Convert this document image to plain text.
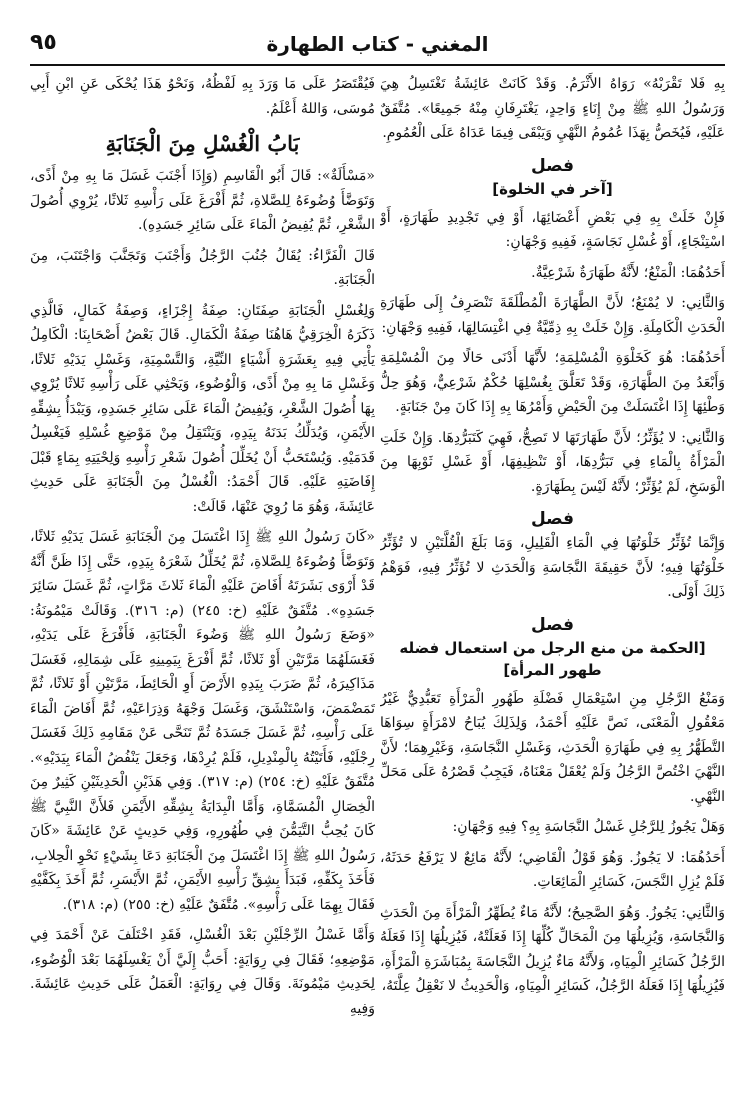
المغني - كتاب الطهارة
٩٥

بِهِ فَلا تَقْرَبْهُ» رَوَاهُ الأَثْرَمُ. وَقَدْ كَانَتْ عَائِشَةُ تَغْتَسِلُ هِيَ وَرَسُولُ اللهِ ﷺ مِنْ إِنَاءٍ وَاحِدٍ، يَغْتَرِفَانِ مِنْهُ جَمِيعًا». مُتَّفَقٌ عَلَيْهِ، فَيُخَصُّ بِهَذَا عُمُومُ النَّهْيِ وَيَبْقَى فِيمَا عَدَاهُ عَلَى الْعُمُومِ.

فصل
[آخر في الخلوة]

فَإِنْ خَلَتْ بِهِ فِي بَعْضِ أَعْضَائِهَا، أَوْ فِي تَجْدِيدِ طَهَارَةٍ، أَوْ اسْتِنْجَاءٍ، أَوْ غُسْلِ نَجَاسَةٍ، فَفِيهِ وَجْهَانِ:

أَحَدُهُمَا: الْمَنْعُ؛ لأَنَّهُ طَهَارَةٌ شَرْعِيَّةٌ.

وَالثَّانِي: لا يُمْنَعُ؛ لأَنَّ الطَّهَارَةَ الْمُطْلَقَةَ تَنْصَرِفُ إِلَى طَهَارَةِ الْحَدَثِ الْكَامِلَةِ. وَإِنْ خَلَتْ بِهِ ذِمِّيَّةٌ فِي اغْتِسَالِهَا، فَفِيهِ وَجْهَانِ:

أَحَدُهُمَا: هُوَ كَخَلْوَةِ الْمُسْلِمَةِ؛ لأَنَّهَا أَدْنَى حَالًا مِنَ الْمُسْلِمَةِ وَأَبْعَدُ مِنَ الطَّهَارَةِ، وَقَدْ تَعَلَّقَ بِغُسْلِهَا حُكْمٌ شَرْعِيٌّ، وَهُوَ حِلُّ وَطْئِهَا إِذَا اغْتَسَلَتْ مِنَ الْحَيْضِ وَأَمْرُهَا بِهِ إِذَا كَانَ مِنْ جَنَابَةٍ.

وَالثَّانِي: لا يُؤَثِّرُ؛ لأَنَّ طَهَارَتَهَا لا تَصِحُّ، فَهِيَ كَتَبَرُّدِهَا. وَإِنْ خَلَتِ الْمَرْأَةُ بِالْمَاءِ فِي تَبَرُّدِهَا، أَوْ تَنْظِيفِهَا، أَوْ غَسْلِ ثَوْبِهَا مِنَ الْوَسَخِ، لَمْ يُؤَثِّرْ؛ لأَنَّهُ لَيْسَ بِطَهَارَةٍ.

فصل

وَإِنَّمَا تُؤَثِّرُ خَلْوَتُهَا فِي الْمَاءِ الْقَلِيلِ، وَمَا بَلَغَ الْقُلَّتَيْنِ لا تُؤَثِّرُ خَلْوَتُهَا فِيهِ؛ لأَنَّ حَقِيقَةَ النَّجَاسَةِ وَالْحَدَثِ لا تُؤَثِّرُ فِيهِ، فَوَهْمُ ذَلِكَ أَوْلَى.

فصل
[الحكمة من منع الرجل من استعمال فضله طهور المرأة]

وَمَنْعُ الرَّجُلِ مِنِ اسْتِعْمَالِ فَضْلَةِ طَهُورِ الْمَرْأَةِ تَعَبُّدِيٌّ غَيْرُ مَعْقُولِ الْمَعْنَى، نَصَّ عَلَيْهِ أَحْمَدُ، وَلِذَلِكَ يُبَاحُ لامْرَأَةٍ سِوَاهَا التَّطَهُّرُ بِهِ فِي طَهَارَةِ الْحَدَثِ، وَغَسْلِ النَّجَاسَةِ، وَغَيْرِهِمَا؛ لأَنَّ النَّهْيَ اخْتُصَّ الرَّجُلُ وَلَمْ يُعْقَلْ مَعْنَاهُ، فَيَجِبُ قَصْرُهُ عَلَى مَحَلِّ النَّهْيِ.

وَهَلْ يَجُوزُ لِلرَّجُلِ غَسْلُ النَّجَاسَةِ بِهِ؟ فِيهِ وَجْهَانِ:

أَحَدُهُمَا: لا يَجُوزُ. وَهُوَ قَوْلُ الْقَاضِي؛ لأَنَّهُ مَائِعٌ لا يَرْفَعُ حَدَثَهُ، فَلَمْ يُزِلِ النَّجَسَ، كَسَائِرِ الْمَائِعَاتِ.

وَالثَّانِي: يَجُوزُ. وَهُوَ الصَّحِيحُ؛ لأَنَّهُ مَاءٌ يُطَهِّرُ الْمَرْأَةَ مِنَ الْحَدَثِ وَالنَّجَاسَةِ، وَيُزِيلُهَا مِنَ الْمَحَالِّ كُلِّهَا إِذَا فَعَلَتْهُ، فَيُزِيلُهَا إِذَا فَعَلَهُ الرَّجُلُ كَسَائِرِ الْمِيَاهِ، وَلأَنَّهُ مَاءٌ يُزِيلُ النَّجَاسَةَ بِمُبَاشَرَةِ الْمَرْأَةِ، فَيُزِيلُهَا إِذَا فَعَلَهُ الرَّجُلُ، كَسَائِرِ الْمِيَاهِ، وَالْحَدِيثُ لا نَعْقِلُ عِلَّتَهُ،

فَيُقْتَصَرُ عَلَى مَا وَرَدَ بِهِ لَفْظُهُ، وَنَحْوُ هَذَا يُحْكَى عَنِ ابْنِ أَبِي مُوسَى، وَاللهُ أَعْلَمُ.

بَابُ الْغُسْلِ مِنَ الْجَنَابَةِ

«مَسْأَلَةٌ»: قَالَ أَبُو الْقَاسِمِ (وَإِذَا أَجْنَبَ غَسَلَ مَا بِهِ مِنْ أَذًى، وَتَوَضَّأَ وُضُوءَهُ لِلصَّلاةِ، ثُمَّ أَفْرَغَ عَلَى رَأْسِهِ ثَلاثًا، يُرْوِي أُصُولَ الشَّعْرِ، ثُمَّ يُفِيضُ الْمَاءَ عَلَى سَائِرِ جَسَدِهِ).

قَالَ الْفَرَّاءُ: يُقَالُ جُنُبَ الرَّجُلُ وَأَجْنَبَ وَتَجَنَّبَ وَاجْتَنَبَ، مِنَ الْجَنَابَةِ.

وَلِغُسْلِ الْجَنَابَةِ صِفَتَانِ: صِفَةُ إِجْزَاءٍ، وَصِفَةُ كَمَالٍ، فَالَّذِي ذَكَرَهُ الْخِرَقِيُّ هَاهُنَا صِفَةُ الْكَمَالِ. قَالَ بَعْضُ أَصْحَابِنَا: الْكَامِلُ يَأْتِي فِيهِ بِعَشَرَةِ أَشْيَاءٍ النِّيَّةِ، وَالتَّسْمِيَةِ، وَغَسْلِ يَدَيْهِ ثَلاثًا، وَغَسْلِ مَا بِهِ مِنْ أَذًى، وَالْوُضُوءِ، وَيَحْثِي عَلَى رَأْسِهِ ثَلاثًا يُرْوِي بِهَا أُصُولَ الشَّعْرِ، وَيُفِيضُ الْمَاءَ عَلَى سَائِرِ جَسَدِهِ، وَيَبْدَأُ بِشِقِّهِ الأَيْمَنِ، وَيُدَلِّكُ بَدَنَهُ بِيَدِهِ، وَيَنْتَقِلُ مِنْ مَوْضِعِ غُسْلِهِ فَيَغْسِلُ قَدَمَيْهِ. وَيُسْتَحَبُّ أَنْ يُخَلِّلَ أُصُولَ شَعْرِ رَأْسِهِ وَلِحْيَتِهِ بِمَاءٍ قَبْلَ إِفَاضَتِهِ عَلَيْهِ. قَالَ أَحْمَدُ: الْغُسْلُ مِنَ الْجَنَابَةِ عَلَى حَدِيثِ عَائِشَةَ، وَهُوَ مَا رُوِيَ عَنْهَا، قَالَتْ:

«كَانَ رَسُولُ اللهِ ﷺ إِذَا اغْتَسَلَ مِنَ الْجَنَابَةِ غَسَلَ يَدَيْهِ ثَلاثًا، وَتَوَضَّأَ وُضُوءَهُ لِلصَّلاةِ، ثُمَّ يُخَلِّلُ شَعْرَهُ بِيَدِهِ، حَتَّى إِذَا ظَنَّ أَنَّهُ قَدْ أَرْوَى بَشَرَتَهُ أَفَاضَ عَلَيْهِ الْمَاءَ ثَلاثَ مَرَّاتٍ، ثُمَّ غَسَلَ سَائِرَ جَسَدِهِ». مُتَّفَقٌ عَلَيْهِ (خ: ٢٤٥) (م: ٣١٦). وَقَالَتْ مَيْمُونَةُ: «وَضَعَ رَسُولُ اللهِ ﷺ وَضُوءَ الْجَنَابَةِ، فَأَفْرَغَ عَلَى يَدَيْهِ، فَغَسَلَهُمَا مَرَّتَيْنِ أَوْ ثَلاثًا، ثُمَّ أَفْرَغَ بِيَمِينِهِ عَلَى شِمَالِهِ، فَغَسَلَ مَذَاكِيرَهُ، ثُمَّ ضَرَبَ بِيَدِهِ الأَرْضَ أَوِ الْحَائِطَ، مَرَّتَيْنِ أَوْ ثَلاثًا، ثُمَّ تَمَضْمَضَ، وَاسْتَنْشَقَ، وَغَسَلَ وَجْهَهُ وَذِرَاعَيْهِ، ثُمَّ أَفَاضَ الْمَاءَ عَلَى رَأْسِهِ، ثُمَّ غَسَلَ جَسَدَهُ ثُمَّ تَنَحَّى عَنْ مَقَامِهِ ذَلِكَ فَغَسَلَ رِجْلَيْهِ، فَأَتَيْتُهُ بِالْمِنْدِيلِ، فَلَمْ يُرِدْهَا، وَجَعَلَ يَنْفُضُ الْمَاءَ بِيَدَيْهِ». مُتَّفَقٌ عَلَيْهِ (خ: ٢٥٤) (م: ٣١٧). وَفِي هَذَيْنِ الْحَدِيثَيْنِ كَثِيرٌ مِنَ الْخِصَالِ الْمُسَمَّاةِ، وَأَمَّا الْبِدَايَةُ بِشِقِّهِ الأَيْمَنِ فَلأَنَّ النَّبِيَّ ﷺ كَانَ يُحِبُّ التَّيَمُّنَ فِي طُهُورِهِ، وَفِي حَدِيثٍ عَنْ عَائِشَةَ «كَانَ رَسُولُ اللهِ ﷺ إِذَا اغْتَسَلَ مِنَ الْجَنَابَةِ دَعَا بِشَيْءٍ نَحْوِ الْحِلابِ، فَأَخَذَ بِكَفِّهِ، فَبَدَأَ بِشِقِّ رَأْسِهِ الأَيْمَنِ، ثُمَّ الأَيْسَرِ، ثُمَّ أَخَذَ بِكَفَّيْهِ فَقَالَ بِهِمَا عَلَى رَأْسِهِ». مُتَّفَقٌ عَلَيْهِ (خ: ٢٥٥) (م: ٣١٨).

وَأَمَّا غَسْلُ الرِّجْلَيْنِ بَعْدَ الْغُسْلِ، فَقَدِ اخْتَلَفَ عَنْ أَحْمَدَ فِي مَوْضِعِهِ؛ فَقَالَ فِي رِوَايَةٍ: أَحَبُّ إِلَيَّ أَنْ يَغْسِلَهُمَا بَعْدَ الْوُضُوءِ، لِحَدِيثِ مَيْمُونَةَ. وَقَالَ فِي رِوَايَةٍ: الْعَمَلُ عَلَى حَدِيثِ عَائِشَةَ. وَفِيهِ
